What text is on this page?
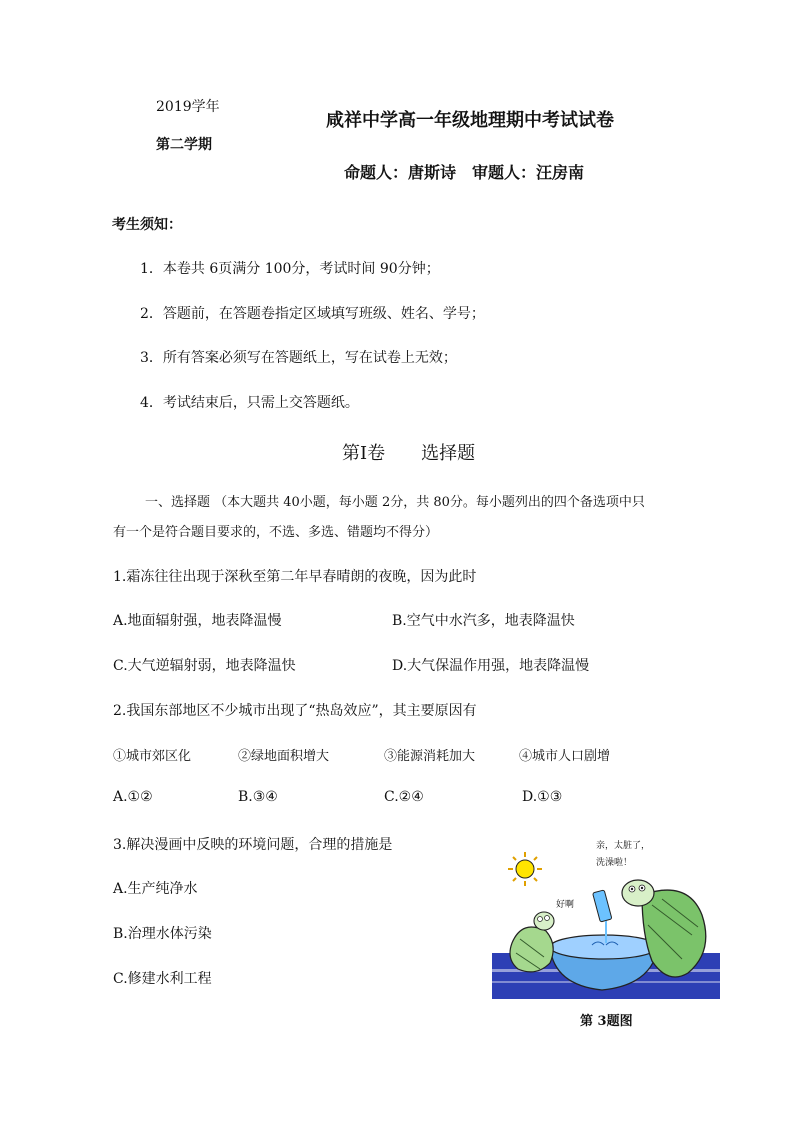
2019学年
第二学期
咸祥中学高一年级地理期中考试试卷
命题人：唐斯诗　审题人：汪房南
考生须知：
1．本卷共 6页满分 100分，考试时间 90分钟；
2．答题前，在答题卷指定区域填写班级、姓名、学号；
3．所有答案必须写在答题纸上，写在试卷上无效；
4．考试结束后，只需上交答题纸。
第Ⅰ卷　　选择题
一、选择题 （本大题共 40小题，每小题 2分，共 80分。每小题列出的四个备选项中只
有一个是符合题目要求的，不选、多选、错题均不得分）
1.霜冻往往出现于深秋至第二年早春晴朗的夜晚，因为此时
A.地面辐射强，地表降温慢	B.空气中水汽多，地表降温快
C.大气逆辐射弱，地表降温快	D.大气保温作用强，地表降温慢
2.我国东部地区不少城市出现了“热岛效应”，其主要原因有
①城市郊区化	②绿地面积增大	③能源消耗加大	④城市人口剧增
A.①②	B.③④	C.②④	D.①③
3.解决漫画中反映的环境问题，合理的措施是
A.生产纯净水
B.治理水体污染
C.修建水利工程
亲，太脏了，
洗澡啦！
好啊
第 3题图
